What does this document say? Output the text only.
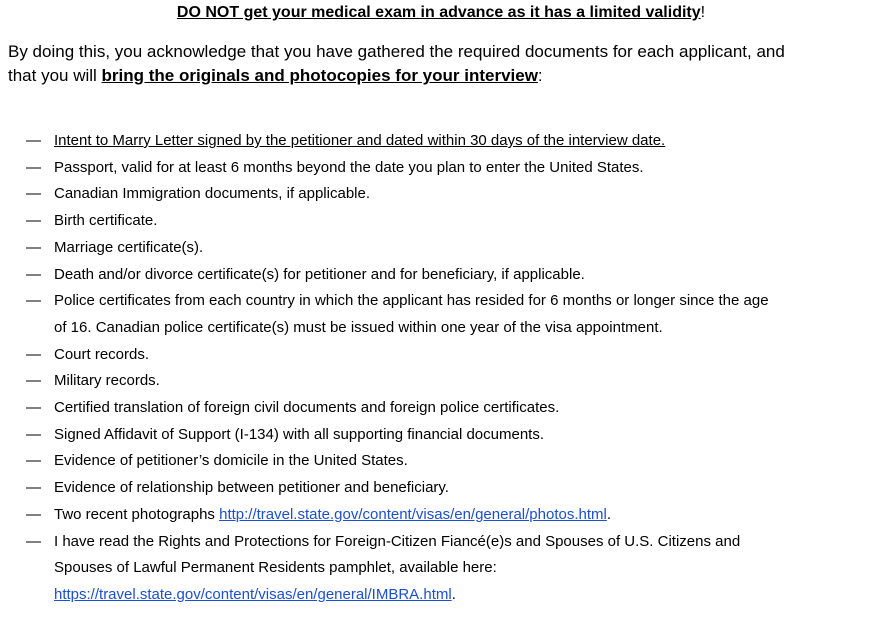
DO NOT get your medical exam in advance as it has a limited validity!
By doing this, you acknowledge that you have gathered the required documents for each applicant, and
that you will bring the originals and photocopies for your interview:
— Intent to Marry Letter signed by the petitioner and dated within 30 days of the interview date.
— Passport, valid for at least 6 months beyond the date you plan to enter the United States.
— Canadian Immigration documents, if applicable.
— Birth certificate.
— Marriage certificate(s).
— Death and/or divorce certificate(s) for petitioner and for beneficiary, if applicable.
— Police certificates from each country in which the applicant has resided for 6 months or longer since the age
of 16. Canadian police certificate(s) must be issued within one year of the visa appointment.
— Court records.
— Military records.
— Certified translation of foreign civil documents and foreign police certificates.
— Signed Affidavit of Support (I-134) with all supporting financial documents.
— Evidence of petitioner’s domicile in the United States.
— Evidence of relationship between petitioner and beneficiary.
— Two recent photographs http://travel.state.gov/content/visas/en/general/photos.html.
— I have read the Rights and Protections for Foreign-Citizen Fiancé(e)s and Spouses of U.S. Citizens and
Spouses of Lawful Permanent Residents pamphlet, available here:
https://travel.state.gov/content/visas/en/general/IMBRA.html.
